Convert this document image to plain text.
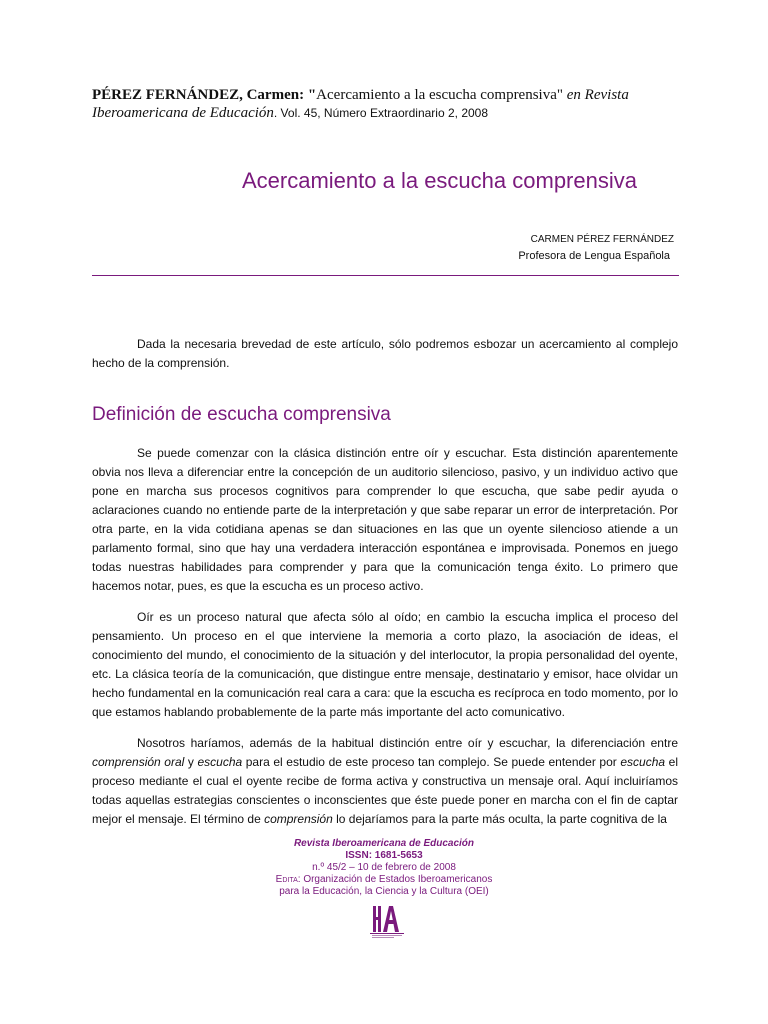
PÉREZ FERNÁNDEZ, Carmen: "Acercamiento a la escucha comprensiva" en Revista Iberoamericana de Educación. Vol. 45, Número Extraordinario 2, 2008
Acercamiento a la escucha comprensiva
CARMEN PÉREZ FERNÁNDEZ
Profesora de Lengua Española

Dada la necesaria brevedad de este artículo, sólo podremos esbozar un acercamiento al complejo hecho de la comprensión.

Definición de escucha comprensiva

Se puede comenzar con la clásica distinción entre oír y escuchar. Esta distinción aparentemente obvia nos lleva a diferenciar entre la concepción de un auditorio silencioso, pasivo, y un individuo activo que pone en marcha sus procesos cognitivos para comprender lo que escucha, que sabe pedir ayuda o aclaraciones cuando no entiende parte de la interpretación y que sabe reparar un error de interpretación. Por otra parte, en la vida cotidiana apenas se dan situaciones en las que un oyente silencioso atiende a un parlamento formal, sino que hay una verdadera interacción espontánea e improvisada. Ponemos en juego todas nuestras habilidades para comprender y para que la comunicación tenga éxito. Lo primero que hacemos notar, pues, es que la escucha es un proceso activo.

Oír es un proceso natural que afecta sólo al oído; en cambio la escucha implica el proceso del pensamiento. Un proceso en el que interviene la memoria a corto plazo, la asociación de ideas, el conocimiento del mundo, el conocimiento de la situación y del interlocutor, la propia personalidad del oyente, etc. La clásica teoría de la comunicación, que distingue entre mensaje, destinatario y emisor, hace olvidar un hecho fundamental en la comunicación real cara a cara: que la escucha es recíproca en todo momento, por lo que estamos hablando probablemente de la parte más importante del acto comunicativo.

Nosotros haríamos, además de la habitual distinción entre oír y escuchar, la diferenciación entre comprensión oral y escucha para el estudio de este proceso tan complejo. Se puede entender por escucha el proceso mediante el cual el oyente recibe de forma activa y constructiva un mensaje oral. Aquí incluiríamos todas aquellas estrategias conscientes o inconscientes que éste puede poner en marcha con el fin de captar mejor el mensaje. El término de comprensión lo dejaríamos para la parte más oculta, la parte cognitiva de la

Revista Iberoamericana de Educación
ISSN: 1681-5653
n.º 45/2 – 10 de febrero de 2008
Edita: Organización de Estados Iberoamericanos
para la Educación, la Ciencia y la Cultura (OEI)
